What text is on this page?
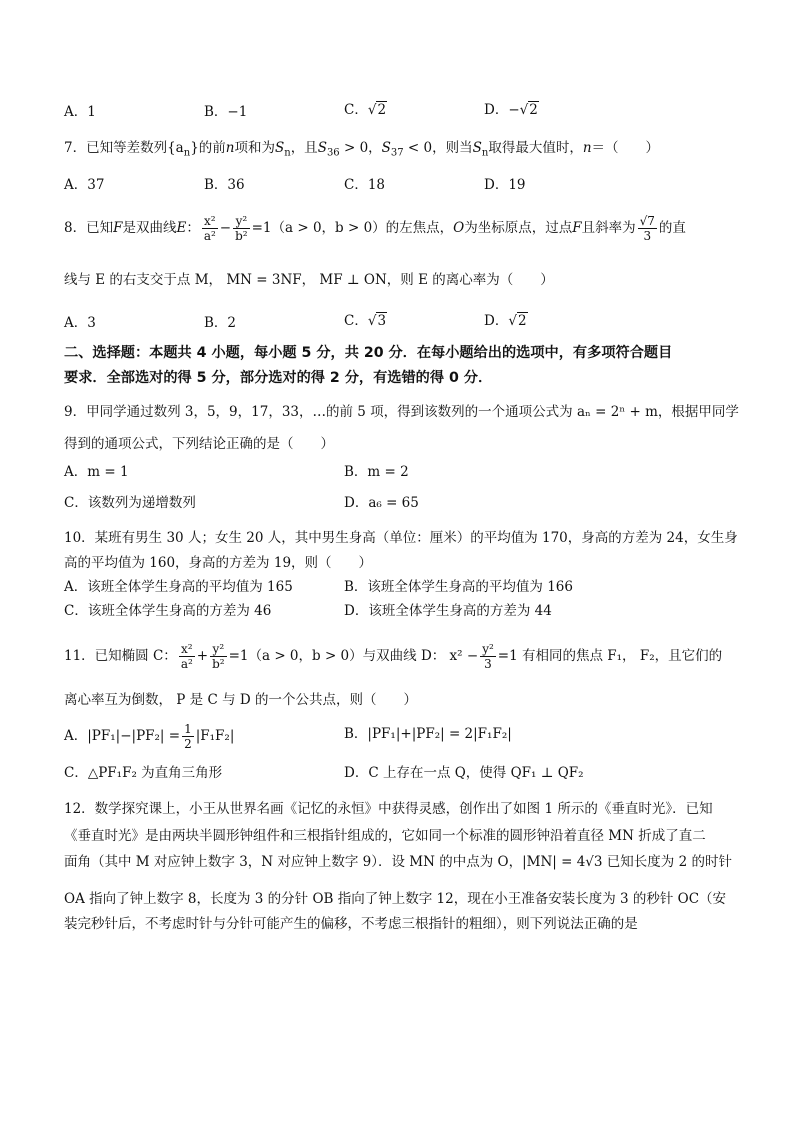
A．1	B．−1	C．√2	D．−√2
7．已知等差数列$\{a_n\}$的前n项和为$S_n$，且$S_{36} > 0$，$S_{37} < 0$，则当$S_n$取得最大值时，n＝（　　）
A．37	B．36	C．18	D．19
8．已知F是双曲线E： $\frac{\text{x²}}{\text{a²}} - \frac{\text{y²}}{\text{b²}} =1(a > 0$，b > 0）的左焦点，O为坐标原点，过点F且斜率为 $\frac{√7}{3}$ 的直
线与 E 的右支交于点 M， MN = 3NF， MF ⊥ ON，则 E 的离心率为（　　）
A．3	B．2	C．√3	D．√2
二、选择题：本题共 4 小题，每小题 5 分，共 20 分．在每小题给出的选项中，有多项符合题目
要求．全部选对的得 5 分，部分选对的得 2 分，有选错的得 0 分．
9．甲同学通过数列 3，5，9，17，33，…的前 5 项，得到该数列的一个通项公式为 aₙ = 2ⁿ + m，根据甲同学
得到的通项公式，下列结论正确的是（　　）
A．m = 1	B．m = 2
C．该数列为递增数列	D．a₆ = 65
10．某班有男生 30 人；女生 20 人，其中男生身高（单位：厘米）的平均值为 170，身高的方差为 24，女生身
高的平均值为 160，身高的方差为 19，则（　　）
A．该班全体学生身高的平均值为 165	B．该班全体学生身高的平均值为 166
C．该班全体学生身高的方差为 46	D．该班全体学生身高的方差为 44
11．已知椭圆 C： $\frac{\text{x²}}{\text{a²}} + \frac{\text{y²}}{\text{b²}} =1(a > 0$，b > 0）与双曲线 D： $x^2 - \frac{\text{y²}}{3} =1$ 有相同的焦点 F₁， F₂，且它们的
离心率互为倒数， P 是 C 与 D 的一个公共点，则（　　）
A．$|PF_1|-|PF_2| = \frac{1}{2} |F_1F_2|$	B．|PF₁|+|PF₂| = 2|F₁F₂|
C．△PF₁F₂ 为直角三角形	D．C 上存在一点 Q，使得 QF₁ ⊥ QF₂
12．数学探究课上，小王从世界名画《记忆的永恒》中获得灵感，创作出了如图 1 所示的《垂直时光》．已知
《垂直时光》是由两块半圆形钟组件和三根指针组成的，它如同一个标准的圆形钟沿着直径 MN 折成了直二
面角（其中 M 对应钟上数字 3，N 对应钟上数字 9）．设 MN 的中点为 O，|MN| = 4√3 已知长度为 2 的时针
OA 指向了钟上数字 8，长度为 3 的分针 OB 指向了钟上数字 12，现在小王准备安装长度为 3 的秒针 OC（安
装完秒针后，不考虑时针与分针可能产生的偏移，不考虑三根指针的粗细），则下列说法正确的是
